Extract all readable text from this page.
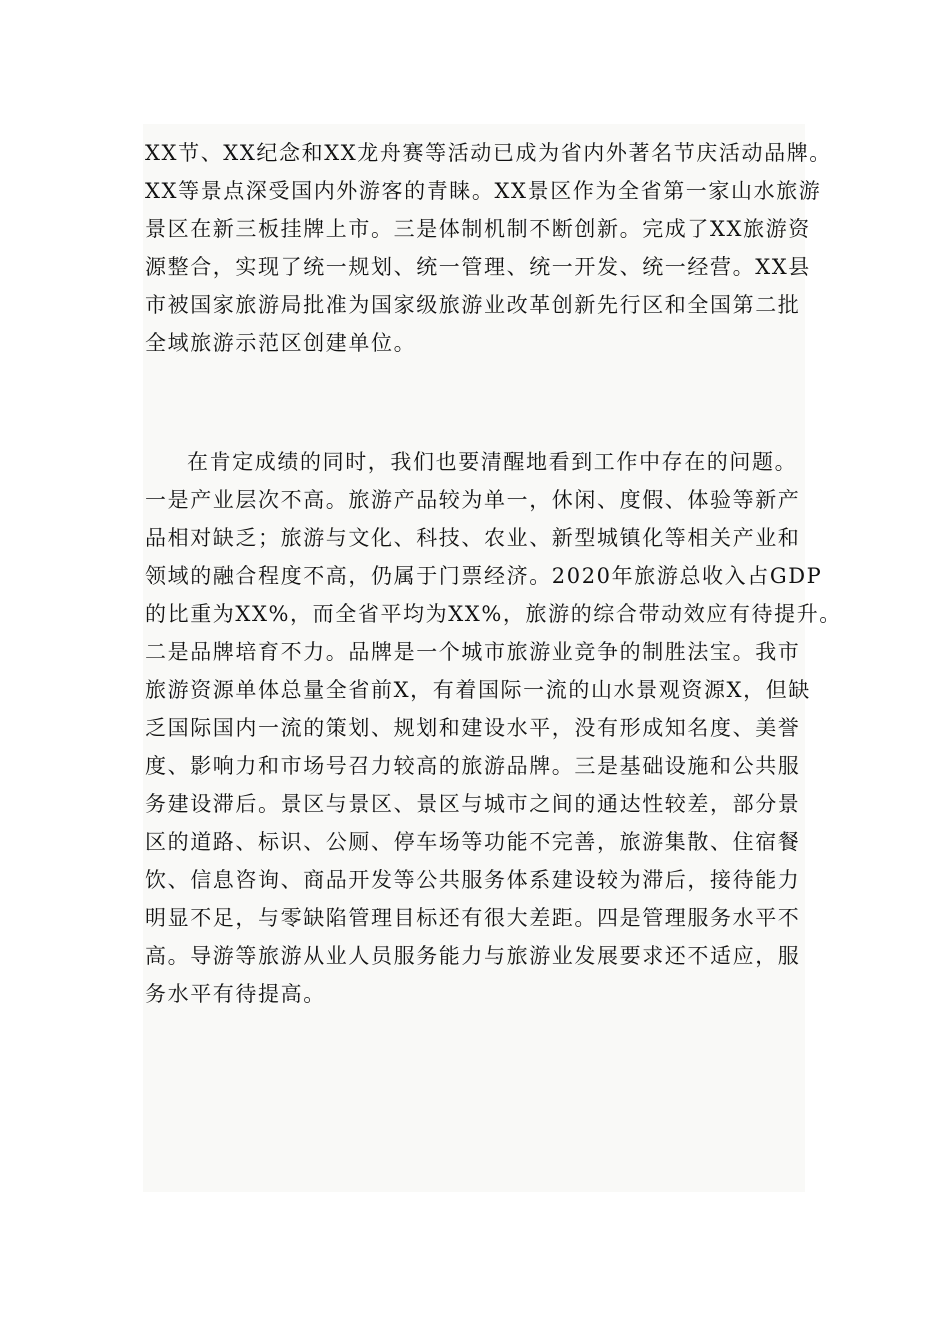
XX节、XX纪念和XX龙舟赛等活动已成为省内外著名节庆活动品牌。
XX等景点深受国内外游客的青睐。XX景区作为全省第一家山水旅游
景区在新三板挂牌上市。三是体制机制不断创新。完成了XX旅游资
源整合，实现了统一规划、统一管理、统一开发、统一经营。XX县
市被国家旅游局批准为国家级旅游业改革创新先行区和全国第二批
全域旅游示范区创建单位。

在肯定成绩的同时，我们也要清醒地看到工作中存在的问题。
一是产业层次不高。旅游产品较为单一，休闲、度假、体验等新产
品相对缺乏；旅游与文化、科技、农业、新型城镇化等相关产业和
领域的融合程度不高，仍属于门票经济。2020年旅游总收入占GDP
的比重为XX%，而全省平均为XX%，旅游的综合带动效应有待提升。
二是品牌培育不力。品牌是一个城市旅游业竞争的制胜法宝。我市
旅游资源单体总量全省前X，有着国际一流的山水景观资源X，但缺
乏国际国内一流的策划、规划和建设水平，没有形成知名度、美誉
度、影响力和市场号召力较高的旅游品牌。三是基础设施和公共服
务建设滞后。景区与景区、景区与城市之间的通达性较差，部分景
区的道路、标识、公厕、停车场等功能不完善，旅游集散、住宿餐
饮、信息咨询、商品开发等公共服务体系建设较为滞后，接待能力
明显不足，与零缺陷管理目标还有很大差距。四是管理服务水平不
高。导游等旅游从业人员服务能力与旅游业发展要求还不适应，服
务水平有待提高。
